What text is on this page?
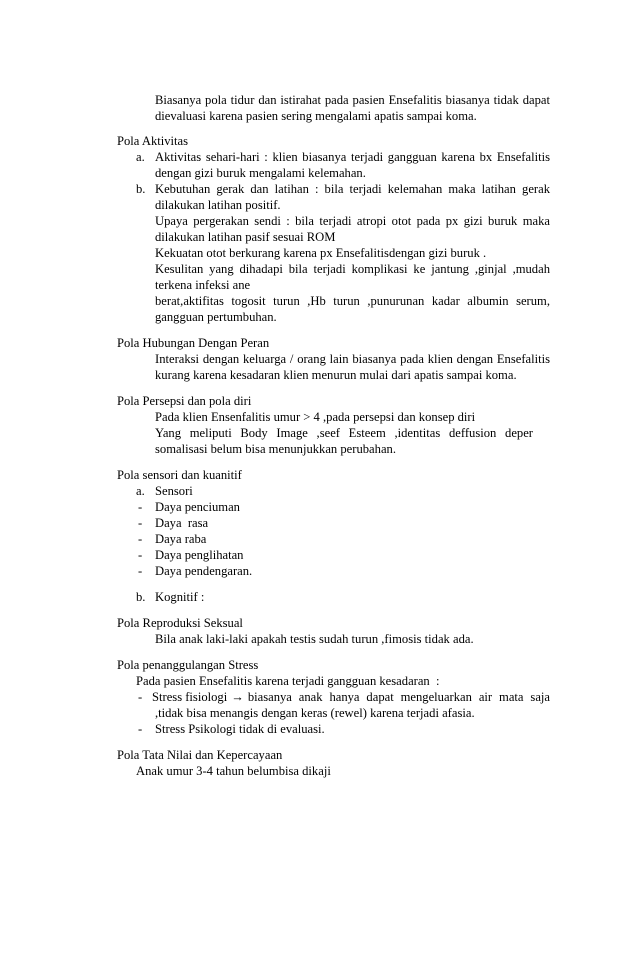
Biasanya pola tidur dan istirahat pada pasien Ensefalitis biasanya tidak dapat
dievaluasi karena pasien sering mengalami apatis sampai koma.
Pola Aktivitas
a. Aktivitas sehari-hari : klien biasanya terjadi gangguan karena bx Ensefalitis
dengan gizi buruk mengalami kelemahan.
b. Kebutuhan gerak dan latihan : bila terjadi kelemahan maka latihan gerak
dilakukan latihan positif.
Upaya pergerakan sendi : bila terjadi atropi otot pada px gizi buruk maka
dilakukan latihan pasif sesuai ROM
Kekuatan otot berkurang karena px Ensefalitisdengan gizi buruk .
Kesulitan yang dihadapi bila terjadi komplikasi ke jantung ,ginjal ,mudah
terkena infeksi ane
berat,aktifitas togosit turun ,Hb turun ,punurunan kadar albumin serum,
gangguan pertumbuhan.
Pola Hubungan Dengan Peran
Interaksi dengan keluarga / orang lain biasanya pada klien dengan Ensefalitis
kurang karena kesadaran klien menurun mulai dari apatis sampai koma.
Pola Persepsi dan pola diri
Pada klien Ensenfalitis umur > 4 ,pada persepsi dan konsep diri
Yang meliputi Body Image ,seef Esteem ,identitas deffusion deper
somalisasi belum bisa menunjukkan perubahan.
Pola sensori dan kuanitif
a. Sensori
- Daya penciuman
- Daya  rasa
- Daya raba
- Daya penglihatan
- Daya pendengaran.
b. Kognitif :
Pola Reproduksi Seksual
Bila anak laki-laki apakah testis sudah turun ,fimosis tidak ada.
Pola penanggulangan Stress
Pada pasien Ensefalitis karena terjadi gangguan kesadaran  :
- Stress fisiologi → biasanya anak hanya dapat mengeluarkan air mata saja
,tidak bisa menangis dengan keras (rewel) karena terjadi afasia.
- Stress Psikologi tidak di evaluasi.
Pola Tata Nilai dan Kepercayaan
Anak umur 3-4 tahun belumbisa dikaji
